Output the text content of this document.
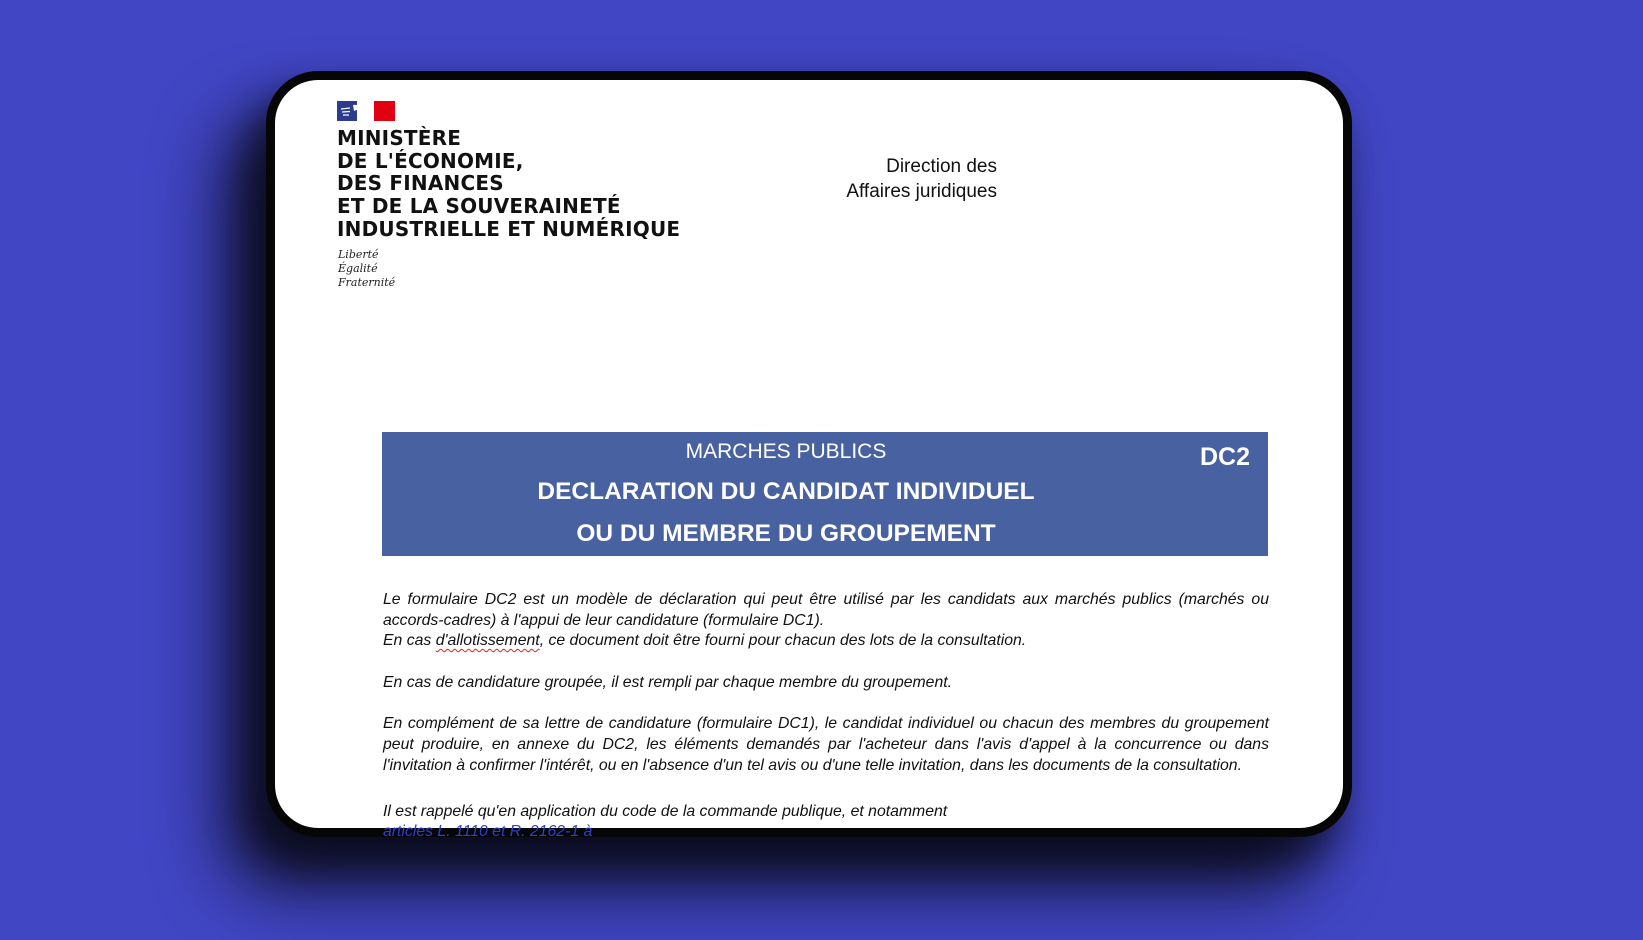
MINISTÈRE
DE L'ÉCONOMIE,
DES FINANCES
ET DE LA SOUVERAINETÉ
INDUSTRIELLE ET NUMÉRIQUE
Liberté
Égalité
Fraternité
Direction des
Affaires juridiques
MARCHES PUBLICS
DECLARATION DU CANDIDAT INDIVIDUEL
OU DU MEMBRE DU GROUPEMENT
DC2

Le formulaire DC2 est un modèle de déclaration qui peut être utilisé par les candidats aux marchés publics (marchés ou accords-cadres) à l'appui de leur candidature (formulaire DC1).

En cas d'allotissement, ce document doit être fourni pour chacun des lots de la consultation.

En cas de candidature groupée, il est rempli par chaque membre du groupement.

En complément de sa lettre de candidature (formulaire DC1), le candidat individuel ou chacun des membres du groupement peut produire, en annexe du DC2, les éléments demandés par l'acheteur dans l'avis d'appel à la concurrence ou dans l'invitation à confirmer l'intérêt, ou en l'absence d'un tel avis ou d'une telle invitation, dans les documents de la consultation.

Il est rappelé qu'en application du code de la commande publique, et notamment
articles L. 1110 et R. 2162-1 à
